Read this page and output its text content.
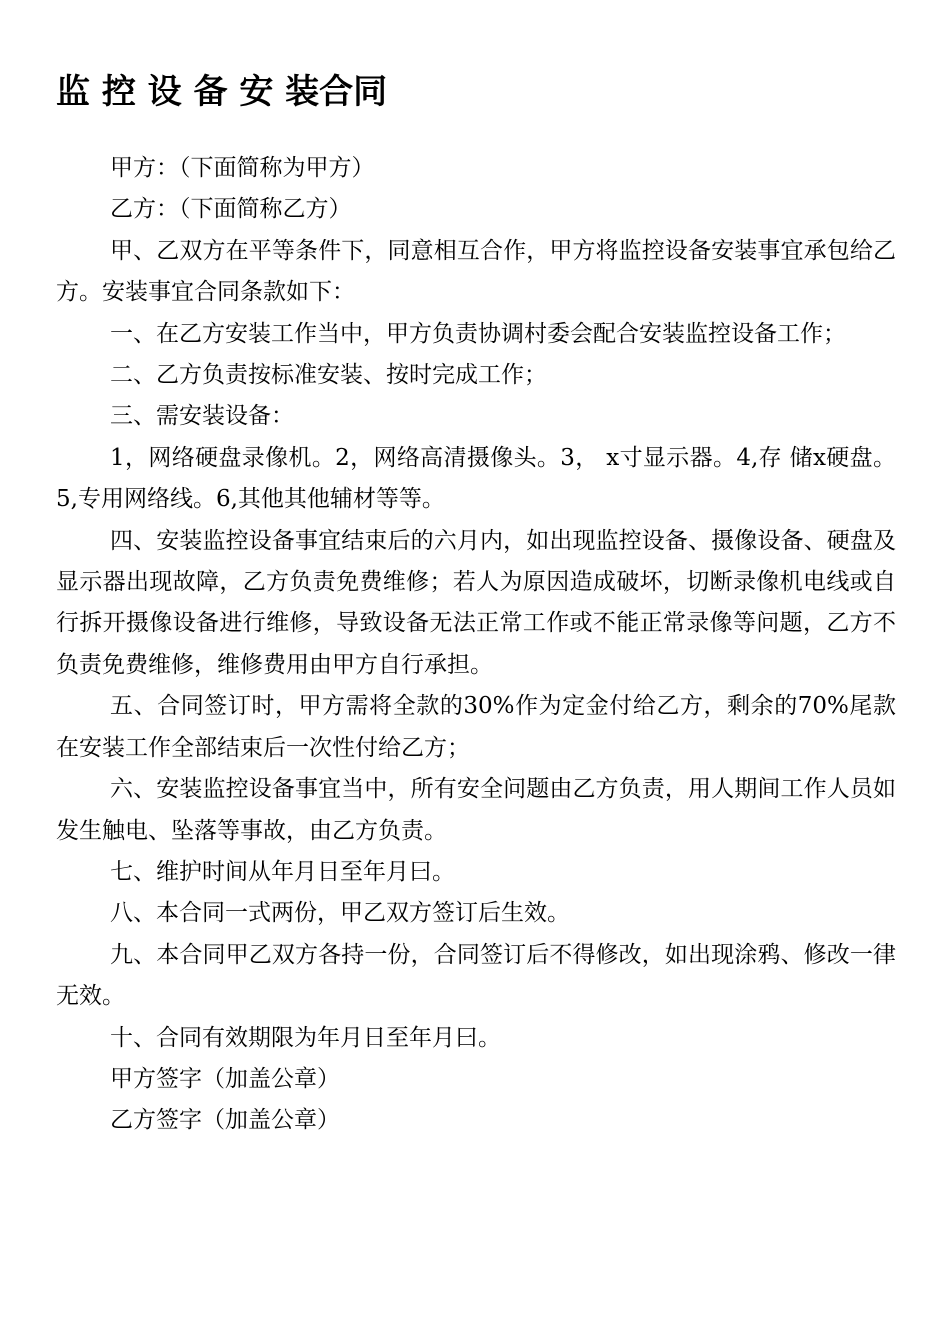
监 控 设 备 安 装合同

甲方：（下面简称为甲方）

乙方：（下面简称乙方）

甲、乙双方在平等条件下，同意相互合作，甲方将监控设备安装事宜承包给乙方。安装事宜合同条款如下：

一、在乙方安装工作当中，甲方负责协调村委会配合安装监控设备工作；

二、乙方负责按标准安装、按时完成工作；

三、需安装设备：

1，网络硬盘录像机。2，网络高清摄像头。3， x寸显示器。4,存 储x硬盘。5,专用网络线。6,其他其他辅材等等。

四、安装监控设备事宜结束后的六月内，如出现监控设备、摄像设备、硬盘及显示器出现故障，乙方负责免费维修；若人为原因造成破坏，切断录像机电线或自行拆开摄像设备进行维修，导致设备无法正常工作或不能正常录像等问题，乙方不负责免费维修，维修费用由甲方自行承担。

五、合同签订时，甲方需将全款的30%作为定金付给乙方，剩余的70%尾款在安装工作全部结束后一次性付给乙方；

六、安装监控设备事宜当中，所有安全问题由乙方负责，用人期间工作人员如发生触电、坠落等事故，由乙方负责。

七、维护时间从年月日至年月曰。

八、本合同一式两份，甲乙双方签订后生效。

九、本合同甲乙双方各持一份，合同签订后不得修改，如出现涂鸦、修改一律无效。

十、合同有效期限为年月日至年月曰。

甲方签字（加盖公章）

乙方签字（加盖公章）
